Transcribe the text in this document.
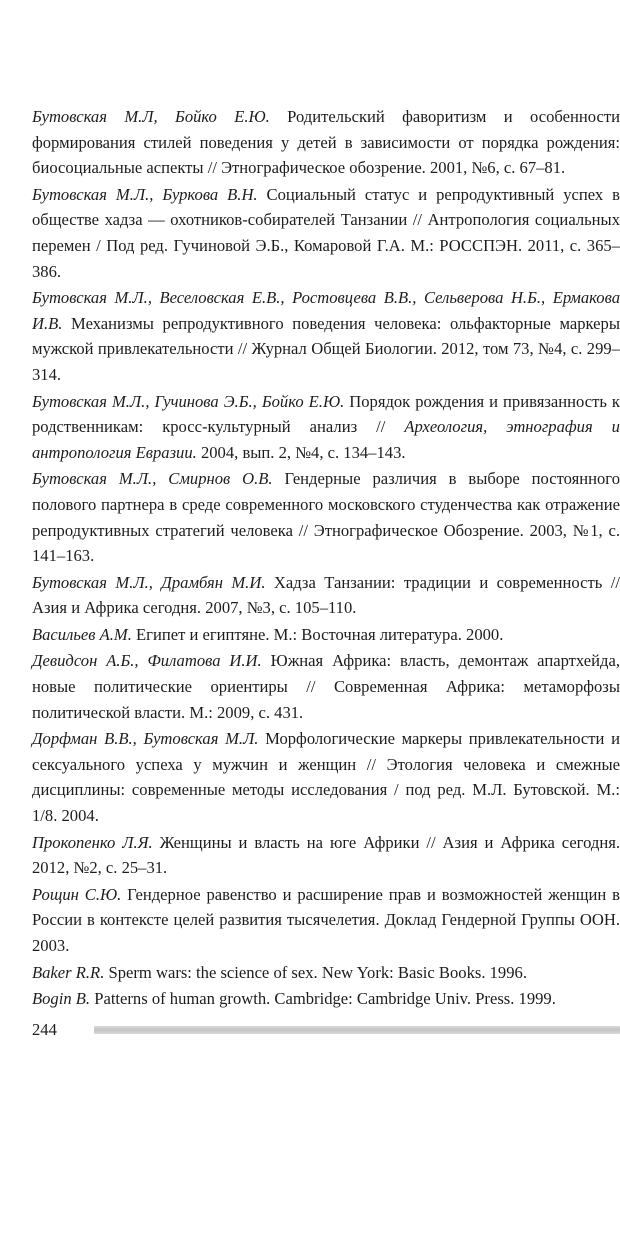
Бутовская М.Л, Бойко Е.Ю. Родительский фаворитизм и особенности формирования стилей поведения у детей в зависимости от порядка рождения: биосоциальные аспекты // Этнографическое обозрение. 2001, №6, с. 67–81.

Бутовская М.Л., Буркова В.Н. Социальный статус и репродуктивный успех в обществе хадза — охотников-собирателей Танзании // Антропология социальных перемен / Под ред. Гучиновой Э.Б., Комаровой Г.А. М.: РОССПЭН. 2011, с. 365–386.

Бутовская М.Л., Веселовская Е.В., Ростовцева В.В., Сельверова Н.Б., Ермакова И.В. Механизмы репродуктивного поведения человека: ольфакторные маркеры мужской привлекательности // Журнал Общей Биологии. 2012, том 73, №4, с. 299–314.

Бутовская М.Л., Гучинова Э.Б., Бойко Е.Ю. Порядок рождения и привязанность к родственникам: кросс-культурный анализ // Археология, этнография и антропология Евразии. 2004, вып. 2, №4, с. 134–143.

Бутовская М.Л., Смирнов О.В. Гендерные различия в выборе постоянного полового партнера в среде современного московского студенчества как отражение репродуктивных стратегий человека // Этнографическое Обозрение. 2003, №1, с. 141–163.

Бутовская М.Л., Драмбян М.И. Хадза Танзании: традиции и современность // Азия и Африка сегодня. 2007, №3, с. 105–110.

Васильев А.М. Египет и египтяне. М.: Восточная литература. 2000.

Девидсон А.Б., Филатова И.И. Южная Африка: власть, демонтаж апартхейда, новые политические ориентиры // Современная Африка: метаморфозы политической власти. М.: 2009, с. 431.

Дорфман В.В., Бутовская М.Л. Морфологические маркеры привлекательности и сексуального успеха у мужчин и женщин // Этология человека и смежные дисциплины: современные методы исследования / под ред. М.Л. Бутовской. М.: 1/8. 2004.

Прокопенко Л.Я. Женщины и власть на юге Африки // Азия и Африка сегодня. 2012, №2, с. 25–31.

Рощин С.Ю. Гендерное равенство и расширение прав и возможностей женщин в России в контексте целей развития тысячелетия. Доклад Гендерной Группы ООН. 2003.

Baker R.R. Sperm wars: the science of sex. New York: Basic Books. 1996.

Bogin B. Patterns of human growth. Cambridge: Cambridge Univ. Press. 1999.

244
